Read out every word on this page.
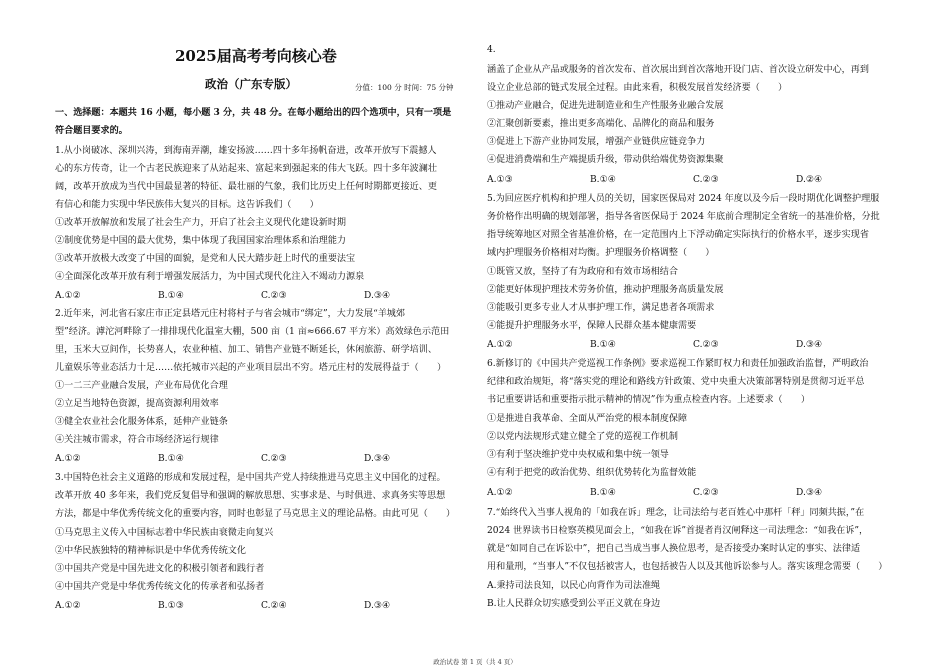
2025届高考考向核心卷
政治（广东专版）	分值：100 分 时间：75 分钟
一、选择题：本题共 16 小题，每小题 3 分，共 48 分。在每小题给出的四个选项中，只有一项是
符合题目要求的。
1.从小岗破冰、深圳兴涛，到海南弄潮，雄安扬波……四十多年扬帆奋进，改革开放写下震撼人
心的东方传奇，让一个古老民族迎来了从站起来、富起来到强起来的伟大飞跃。四十多年波澜壮
阔，改革开放成为当代中国最显著的特征、最壮丽的气象，我们比历史上任何时期都更接近、更
有信心和能力实现中华民族伟大复兴的目标。这告诉我们（　　）
①改革开放解放和发展了社会生产力，开启了社会主义现代化建设新时期
②制度优势是中国的最大优势，集中体现了我国国家治理体系和治理能力
③改革开放极大改变了中国的面貌，是党和人民大踏步赶上时代的重要法宝
④全面深化改革开放有利于增强发展活力，为中国式现代化注入不竭动力源泉
A.①②	B.①④	C.②③	D.③④
2.近年来，河北省石家庄市正定县塔元庄村将村子与省会城市“绑定”，大力发展“羊城郊
型”经济。滹沱河畔除了一排排现代化温室大棚，500 亩（1 亩≈666.67 平方米）高效绿色示范田
里，玉米大豆间作，长势喜人，农业种植、加工、销售产业链不断延长，休闲旅游、研学培训、
儿童娱乐等业态活力十足……依托城市兴起的产业项目层出不穷。塔元庄村的发展得益于（　　）
①一二三产业融合发展，产业布局优化合理
②立足当地特色资源，提高资源利用效率
③健全农业社会化服务体系，延伸产业链条
④关注城市需求，符合市场经济运行规律
A.①②	B.①④	C.②③	D.③④
3.中国特色社会主义道路的形成和发展过程，是中国共产党人持续推进马克思主义中国化的过程。
改革开放 40 多年来，我们党反复倡导和强调的解放思想、实事求是、与时俱进、求真务实等思想
方法，都是中华优秀传统文化的重要内容，同时也彰显了马克思主义的理论品格。由此可见（　　）
①马克思主义传入中国标志着中华民族由衰微走向复兴
②中华民族独特的精神标识是中华优秀传统文化
③中国共产党是中国先进文化的积极引领者和践行者
④中国共产党是中华优秀传统文化的传承者和弘扬者
A.①②	B.①③	C.②④	D.③④
4.
涵盖了企业从产品或服务的首次发布、首次展出到首次落地开设门店、首次设立研发中心，再到
设立企业总部的链式发展全过程。由此来看，积极发展首发经济要（　　）
①推动产业融合，促进先进制造业和生产性服务业融合发展
②汇聚创新要素，推出更多高端化、品牌化的商品和服务
③促进上下游产业协同发展，增强产业链供应链竞争力
④促进消费端和生产端提质升级，带动供给端优势资源集聚
A.①③	B.①④	C.②③	D.②④
5.为回应医疗机构和护理人员的关切，国家医保局对 2024 年度以及今后一段时期优化调整护理服
务价格作出明确的规划部署，指导各省医保局于 2024 年底前合理制定全省统一的基准价格，分批
指导统筹地区对照全省基准价格，在一定范围内上下浮动确定实际执行的价格水平，逐步实现省
域内护理服务价格相对均衡。护理服务价格调整（　　）
①既管又放，坚持了有为政府和有效市场相结合
②能更好体现护理技术劳务价值，推动护理服务高质量发展
③能吸引更多专业人才从事护理工作，满足患者各项需求
④能提升护理服务水平，保障人民群众基本健康需要
A.①②	B.①④	C.②③	D.③④
6.新修订的《中国共产党巡视工作条例》要求巡视工作紧盯权力和责任加强政治监督，严明政治
纪律和政治规矩，将“落实党的理论和路线方针政策、党中央重大决策部署特别是贯彻习近平总
书记重要讲话和重要指示批示精神的情况”作为重点检查内容。上述要求（　　）
①是推进自我革命、全面从严治党的根本制度保障
②以党内法规形式建立健全了党的巡视工作机制
③有利于坚决维护党中央权威和集中统一领导
④有利于把党的政治优势、组织优势转化为监督效能
A.①②	B.①④	C.②③	D.③④
7.“始终代入当事人视角的「如我在诉」理念，让司法给与老百姓心中那杆「秤」同频共振，”在
2024 世界读书日检察英模见面会上，“如我在诉”首提者肖汉闸释这一司法理念：“如我在诉”，
就是“如同自己在诉讼中”，把自己当成当事人换位思考，是否接受办案时认定的事实、法律适
用和量刑，“当事人”不仅包括被害人，也包括被告人以及其他诉讼参与人。落实该理念需要（　　）
A.秉持司法良知，以民心向背作为司法准绳
B.让人民群众切实感受到公平正义就在身边
政治试卷 第 1 页（共 4 页）
